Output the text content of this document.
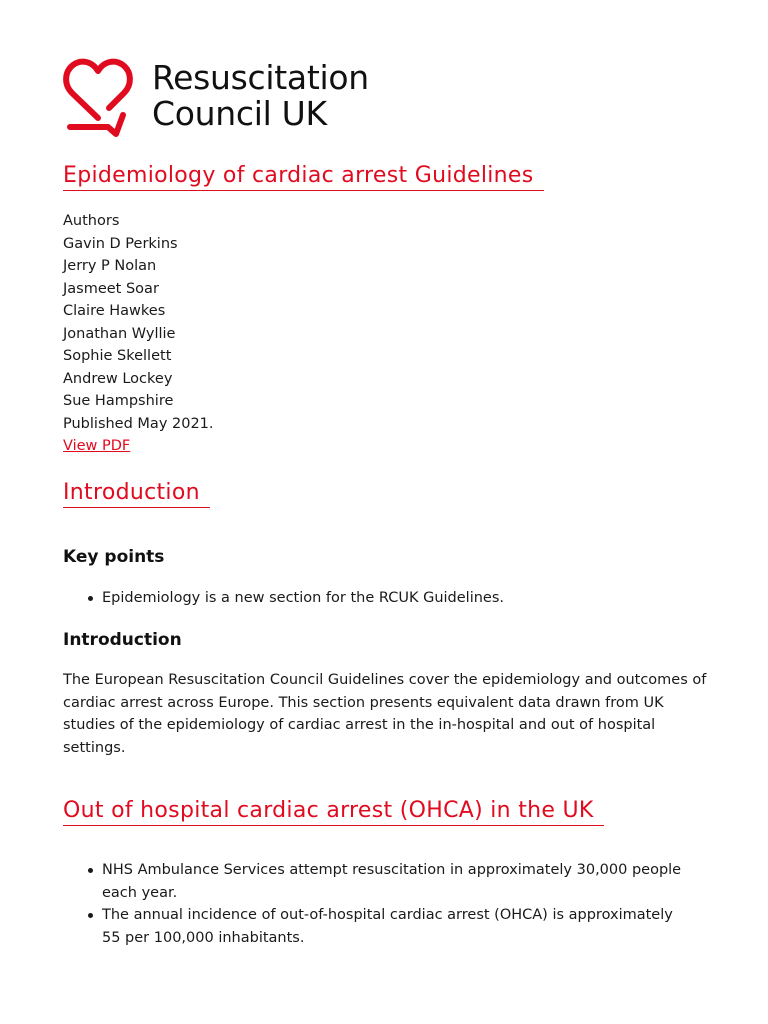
Resuscitation
Council UK
Epidemiology of cardiac arrest Guidelines
Authors
Gavin D Perkins
Jerry P Nolan
Jasmeet Soar
Claire Hawkes
Jonathan Wyllie
Sophie Skellett
Andrew Lockey
Sue Hampshire
Published May 2021.
View PDF
Introduction
Key points
Epidemiology is a new section for the RCUK Guidelines.
Introduction

The European Resuscitation Council Guidelines cover the epidemiology and outcomes of cardiac arrest across Europe. This section presents equivalent data drawn from UK studies of the epidemiology of cardiac arrest in the in-hospital and out of hospital settings.

Out of hospital cardiac arrest (OHCA) in the UK
NHS Ambulance Services attempt resuscitation in approximately 30,000 people each year.
The annual incidence of out-of-hospital cardiac arrest (OHCA) is approximately 55 per 100,000 inhabitants.
